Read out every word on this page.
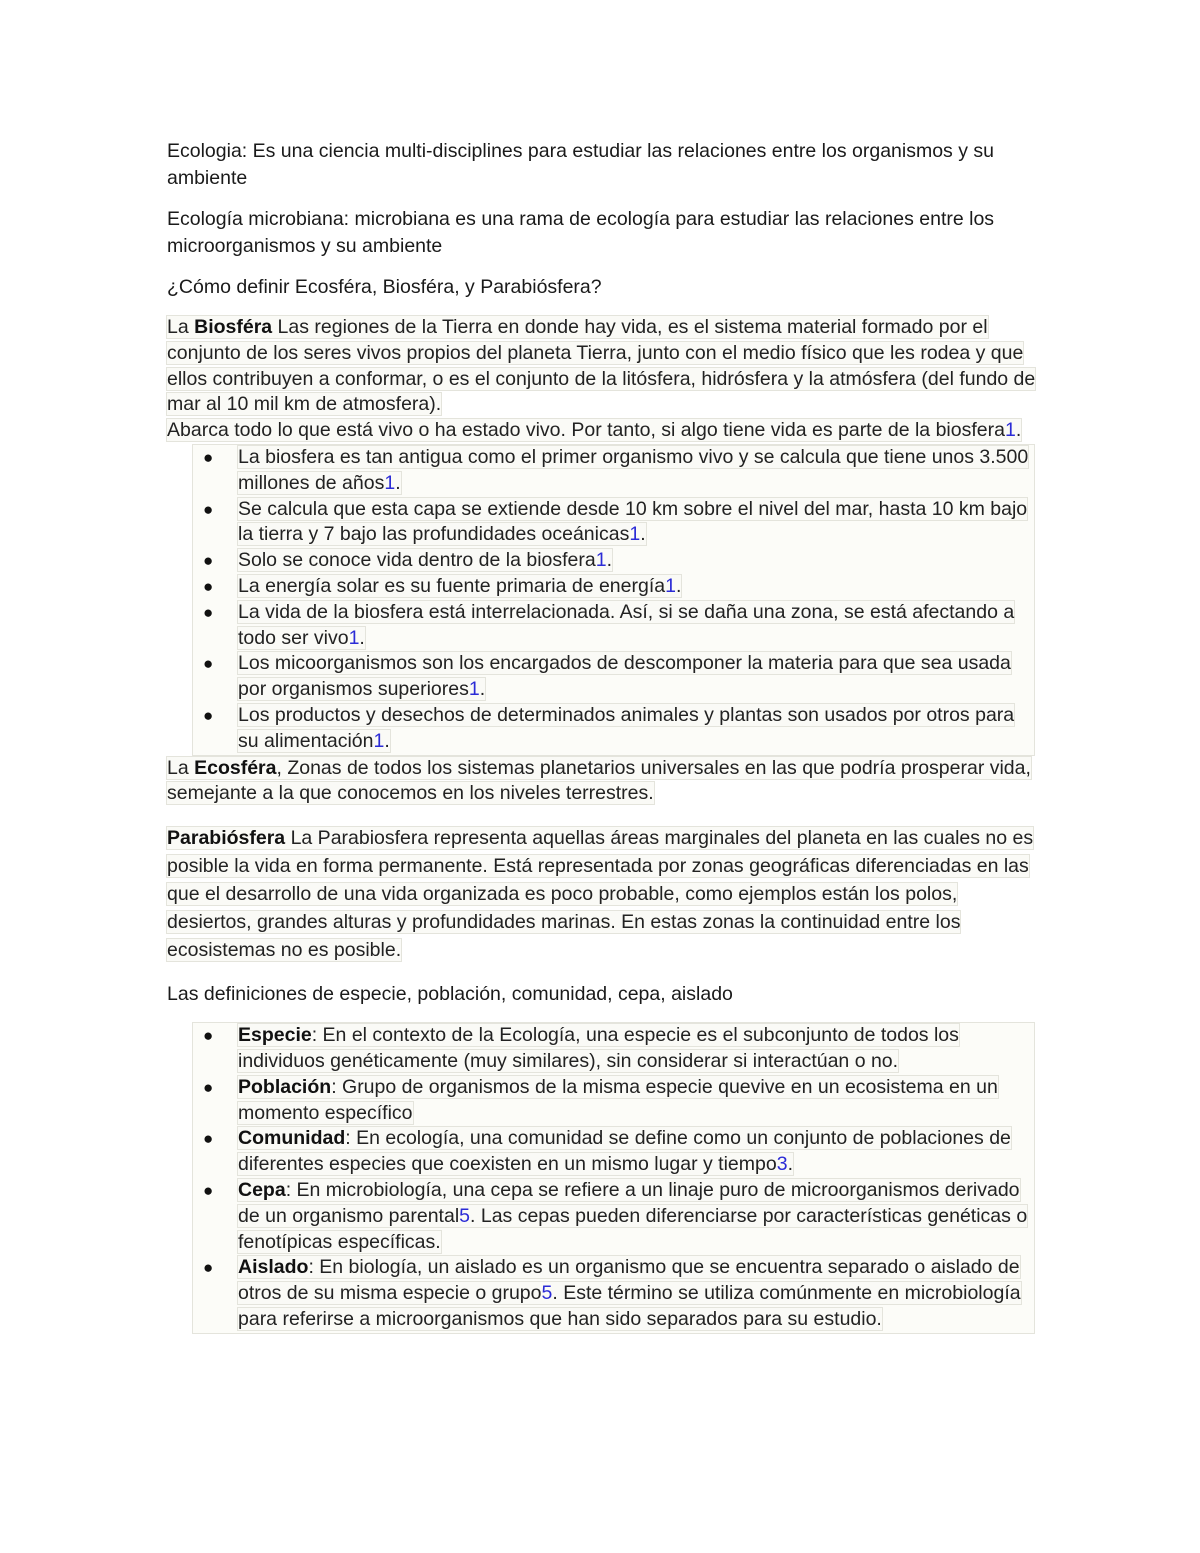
Ecologia: Es una ciencia multi-disciplines para estudiar las relaciones entre los organismos y su ambiente

Ecología microbiana: microbiana es una rama de ecología para estudiar las relaciones entre los microorganismos y su ambiente

¿Cómo definir Ecosféra, Biosféra, y Parabiósfera?

La Biosféra Las regiones de la Tierra en donde hay vida, es el sistema material formado por el conjunto de los seres vivos propios del planeta Tierra, junto con el medio físico que les rodea y que ellos contribuyen a conformar, o es el conjunto de la litósfera, hidrósfera y la atmósfera (del fundo de mar al 10 mil km de atmosfera).
Abarca todo lo que está vivo o ha estado vivo. Por tanto, si algo tiene vida es parte de la biosfera1.
● La biosfera es tan antigua como el primer organismo vivo y se calcula que tiene unos 3.500 millones de años1.
● Se calcula que esta capa se extiende desde 10 km sobre el nivel del mar, hasta 10 km bajo la tierra y 7 bajo las profundidades oceánicas1.
● Solo se conoce vida dentro de la biosfera1.
● La energía solar es su fuente primaria de energía1.
● La vida de la biosfera está interrelacionada. Así, si se daña una zona, se está afectando a todo ser vivo1.
● Los micoorganismos son los encargados de descomponer la materia para que sea usada por organismos superiores1.
● Los productos y desechos de determinados animales y plantas son usados por otros para su alimentación1.
La Ecosféra, Zonas de todos los sistemas planetarios universales en las que podría prosperar vida, semejante a la que conocemos en los niveles terrestres.
Parabiósfera La Parabiosfera representa aquellas áreas marginales del planeta en las cuales no es posible la vida en forma permanente. Está representada por zonas geográficas diferenciadas en las que el desarrollo de una vida organizada es poco probable, como ejemplos están los polos, desiertos, grandes alturas y profundidades marinas. En estas zonas la continuidad entre los ecosistemas no es posible.

Las definiciones de especie, población, comunidad, cepa, aislado

● Especie: En el contexto de la Ecología, una especie es el subconjunto de todos los individuos genéticamente (muy similares), sin considerar si interactúan o no.
● Población: Grupo de organismos de la misma especie quevive en un ecosistema en un momento específico
● Comunidad: En ecología, una comunidad se define como un conjunto de poblaciones de diferentes especies que coexisten en un mismo lugar y tiempo3.
● Cepa: En microbiología, una cepa se refiere a un linaje puro de microorganismos derivado de un organismo parental5. Las cepas pueden diferenciarse por características genéticas o fenotípicas específicas.
● Aislado: En biología, un aislado es un organismo que se encuentra separado o aislado de otros de su misma especie o grupo5. Este término se utiliza comúnmente en microbiología para referirse a microorganismos que han sido separados para su estudio.
